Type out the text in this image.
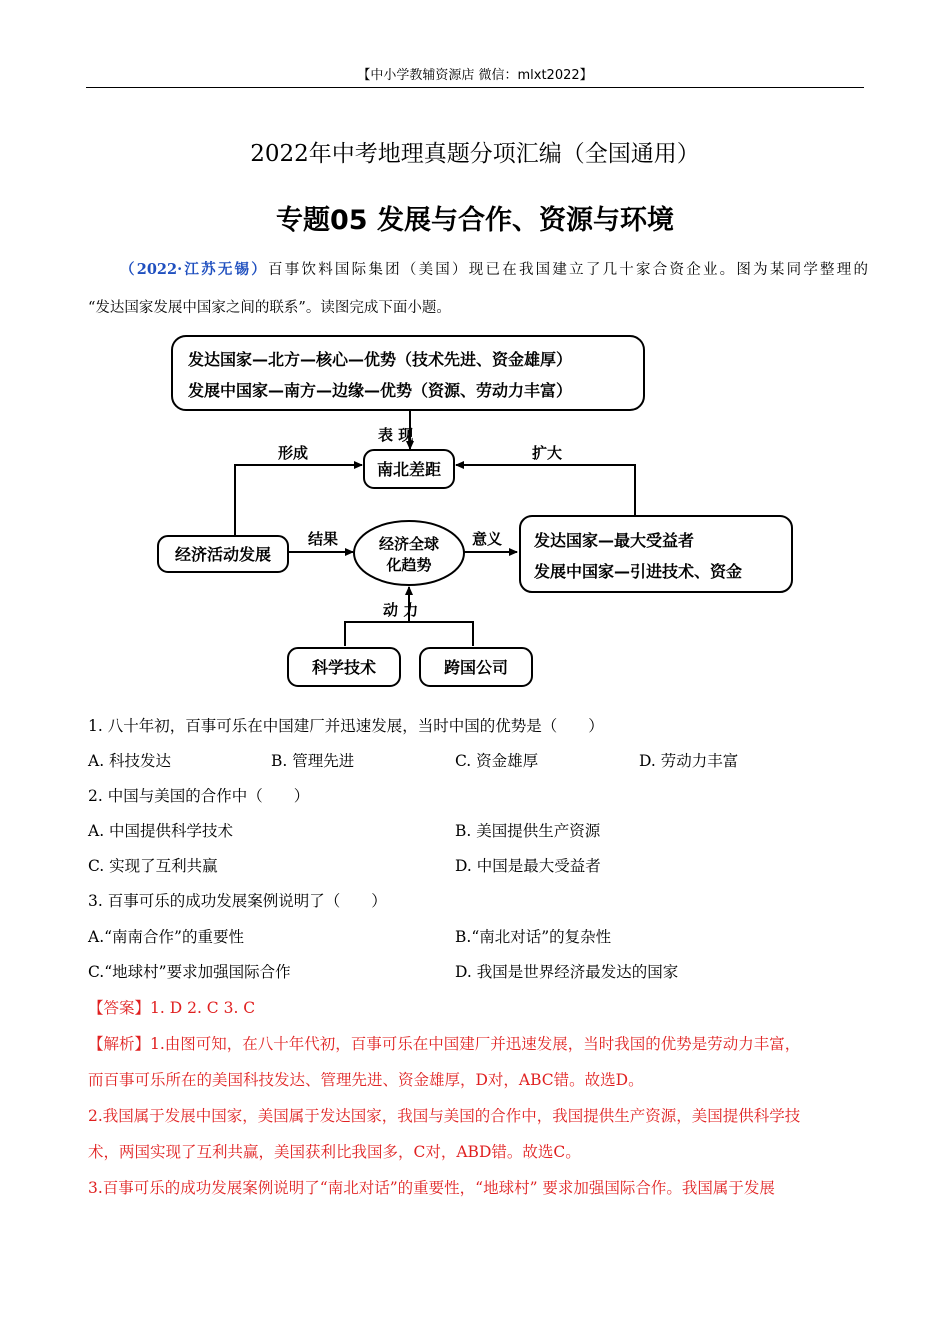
【中小学教辅资源店 微信：mlxt2022】
2022年中考地理真题分项汇编（全国通用）
专题05 发展与合作、资源与环境
（2022·江苏无锡）百事饮料国际集团（美国）现已在我国建立了几十家合资企业。图为某同学整理的
“发达国家发展中国家之间的联系”。读图完成下面小题。
发达国家—北方—核心—优势（技术先进、资金雄厚）
发展中国家—南方—边缘—优势（资源、劳动力丰富）
表 现
南北差距
形成	扩大
经济活动发展
结果	经济全球
化趋势
意义 发达国家—最大受益者
发展中国家—引进技术、资金
动 力
科学技术	跨国公司
1. 八十年初，百事可乐在中国建厂并迅速发展，当时中国的优势是（　　）
A. 科技发达	B. 管理先进	C. 资金雄厚	D. 劳动力丰富
2. 中国与美国的合作中（　　）
A. 中国提供科学技术	B. 美国提供生产资源
C. 实现了互利共赢	D. 中国是最大受益者
3. 百事可乐的成功发展案例说明了（　　）
A.“南南合作”的重要性	B.“南北对话”的复杂性
C.“地球村”要求加强国际合作	D. 我国是世界经济最发达的国家
【答案】1. D 2. C 3. C
【解析】1.由图可知，在八十年代初，百事可乐在中国建厂并迅速发展，当时我国的优势是劳动力丰富，
而百事可乐所在的美国科技发达、管理先进、资金雄厚，D对，ABC错。故选D。
2.我国属于发展中国家，美国属于发达国家，我国与美国的合作中，我国提供生产资源，美国提供科学技
术，两国实现了互利共赢，美国获利比我国多，C对，ABD错。故选C。
3.百事可乐的成功发展案例说明了“南北对话”的重要性，“地球村” 要求加强国际合作。我国属于发展
